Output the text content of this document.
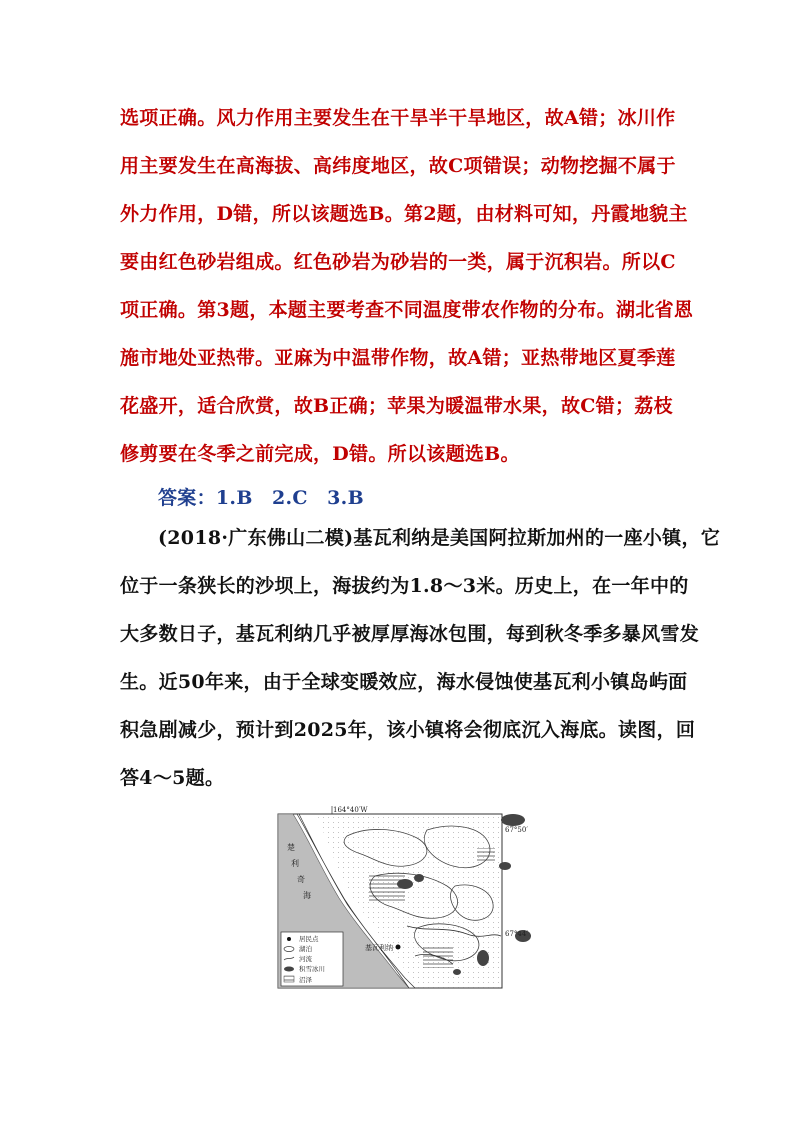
选项正确。风力作用主要发生在干旱半干旱地区，故A错；冰川作
用主要发生在高海拔、高纬度地区，故C项错误；动物挖掘不属于
外力作用，D错，所以该题选B。第2题，由材料可知，丹霞地貌主
要由红色砂岩组成。红色砂岩为砂岩的一类，属于沉积岩。所以C
项正确。第3题，本题主要考查不同温度带农作物的分布。湖北省恩
施市地处亚热带。亚麻为中温带作物，故A错；亚热带地区夏季莲
花盛开，适合欣赏，故B正确；苹果为暖温带水果，故C错；荔枝
修剪要在冬季之前完成，D错。所以该题选B。
答案：1.B　2.C　3.B
(2018·广东佛山二模)基瓦利纳是美国阿拉斯加州的一座小镇，它
位于一条狭长的沙坝上，海拔约为1.8～3米。历史上，在一年中的
大多数日子，基瓦利纳几乎被厚厚海冰包围，每到秋冬季多暴风雪发
生。近50年来，由于全球变暖效应，海水侵蚀使基瓦利小镇岛屿面
积急剧减少，预计到2025年，该小镇将会彻底沉入海底。读图，回
答4～5题。
164°40′W
67°50′
67°44′
楚
利
奇
海
基瓦利纳
居民点
湖泊
河流
积雪冰川
沼泽
